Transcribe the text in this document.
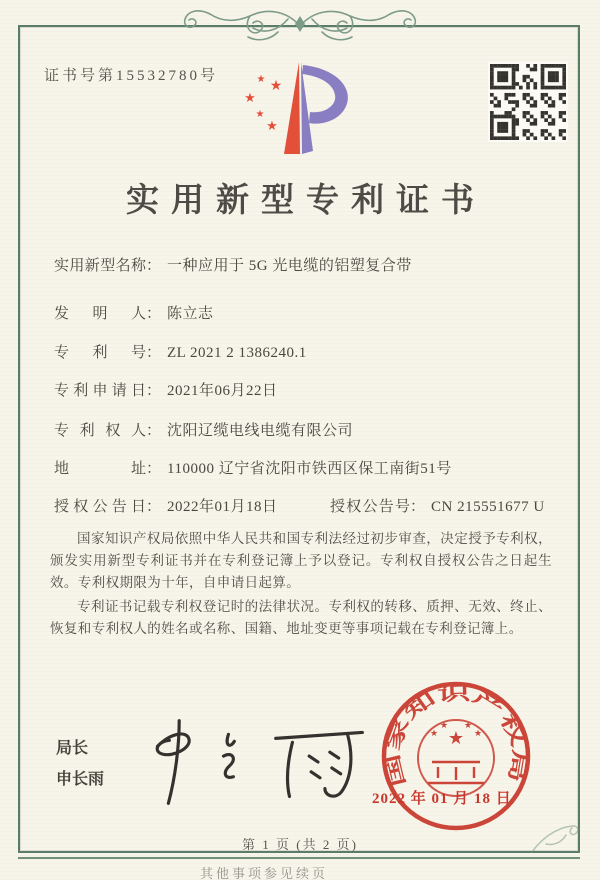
证书号第15532780号
★
★
★
★
★
实用新型专利证书
实用新型名称： 一种应用于 5G 光电缆的铝塑复合带
发明人： 陈立志
专利号： ZL 2021 2 1386240.1
专利申请日： 2021年06月22日
专利权人： 沈阳辽缆电线电缆有限公司
地址： 110000 辽宁省沈阳市铁西区保工南街51号
授权公告日： 2022年01月18日	授权公告号： CN 215551677 U

国家知识产权局依照中华人民共和国专利法经过初步审查，决定授予专利权，颁发实用新型专利证书并在专利登记簿上予以登记。专利权自授权公告之日起生效。专利权期限为十年，自申请日起算。

专利证书记载专利权登记时的法律状况。专利权的转移、质押、无效、终止、恢复和专利权人的姓名或名称、国籍、地址变更等事项记载在专利登记簿上。

局长
申长雨	国家知识产权局
★
★
★ ★
★
2022 年 01 月 18 日
第 1 页 (共 2 页)
其他事项参见续页
